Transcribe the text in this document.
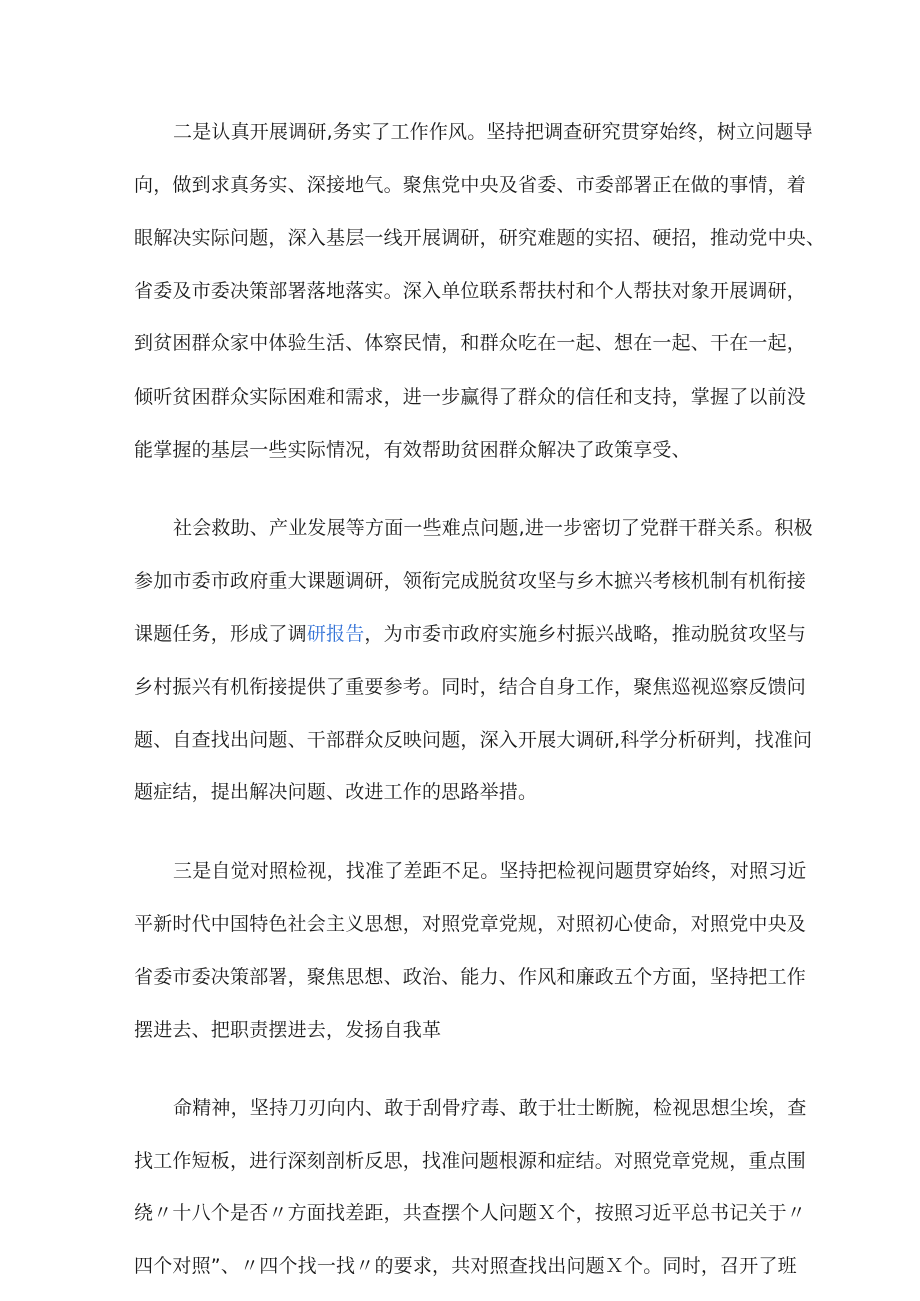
二是认真开展调研,务实了工作作风。坚持把调查研究贯穿始终，树立问题导
向，做到求真务实、深接地气。聚焦党中央及省委、市委部署正在做的事情，着
眼解决实际问题，深入基层一线开展调研，研究难题的实招、硬招，推动党中央、
省委及市委决策部署落地落实。深入单位联系帮扶村和个人帮扶对象开展调研，
到贫困群众家中体验生活、体察民情，和群众吃在一起、想在一起、干在一起，
倾听贫困群众实际困难和需求，进一步赢得了群众的信任和支持，掌握了以前没
能掌握的基层一些实际情况，有效帮助贫困群众解决了政策享受、
社会救助、产业发展等方面一些难点问题,进一步密切了党群干群关系。积极
参加市委市政府重大课题调研，领衔完成脱贫攻坚与乡木摭兴考核机制有机衔接
课题任务，形成了调研报告，为市委市政府实施乡村振兴战略，推动脱贫攻坚与
乡村振兴有机衔接提供了重要参考。同时，结合自身工作，聚焦巡视巡察反馈问
题、自查找出问题、干部群众反映问题，深入开展大调研,科学分析研判，找准问
题症结，提出解决问题、改进工作的思路举措。
三是自觉对照检视，找准了差距不足。坚持把检视问题贯穿始终，对照习近
平新时代中国特色社会主义思想，对照党章党规，对照初心使命，对照党中央及
省委市委决策部署，聚焦思想、政治、能力、作风和廉政五个方面，坚持把工作
摆进去、把职责摆进去，发扬自我革
命精神，坚持刀刃向内、敢于刮骨疗毒、敢于壮士断腕，检视思想尘埃，查
找工作短板，进行深刻剖析反思，找准问题根源和症结。对照党章党规，重点围
绕〃十八个是否〃方面找差距，共查摆个人问题Ｘ个，按照习近平总书记关于〃
四个对照”、〃四个找一找〃的要求，共对照查找出问题Ｘ个。同时，召开了班
